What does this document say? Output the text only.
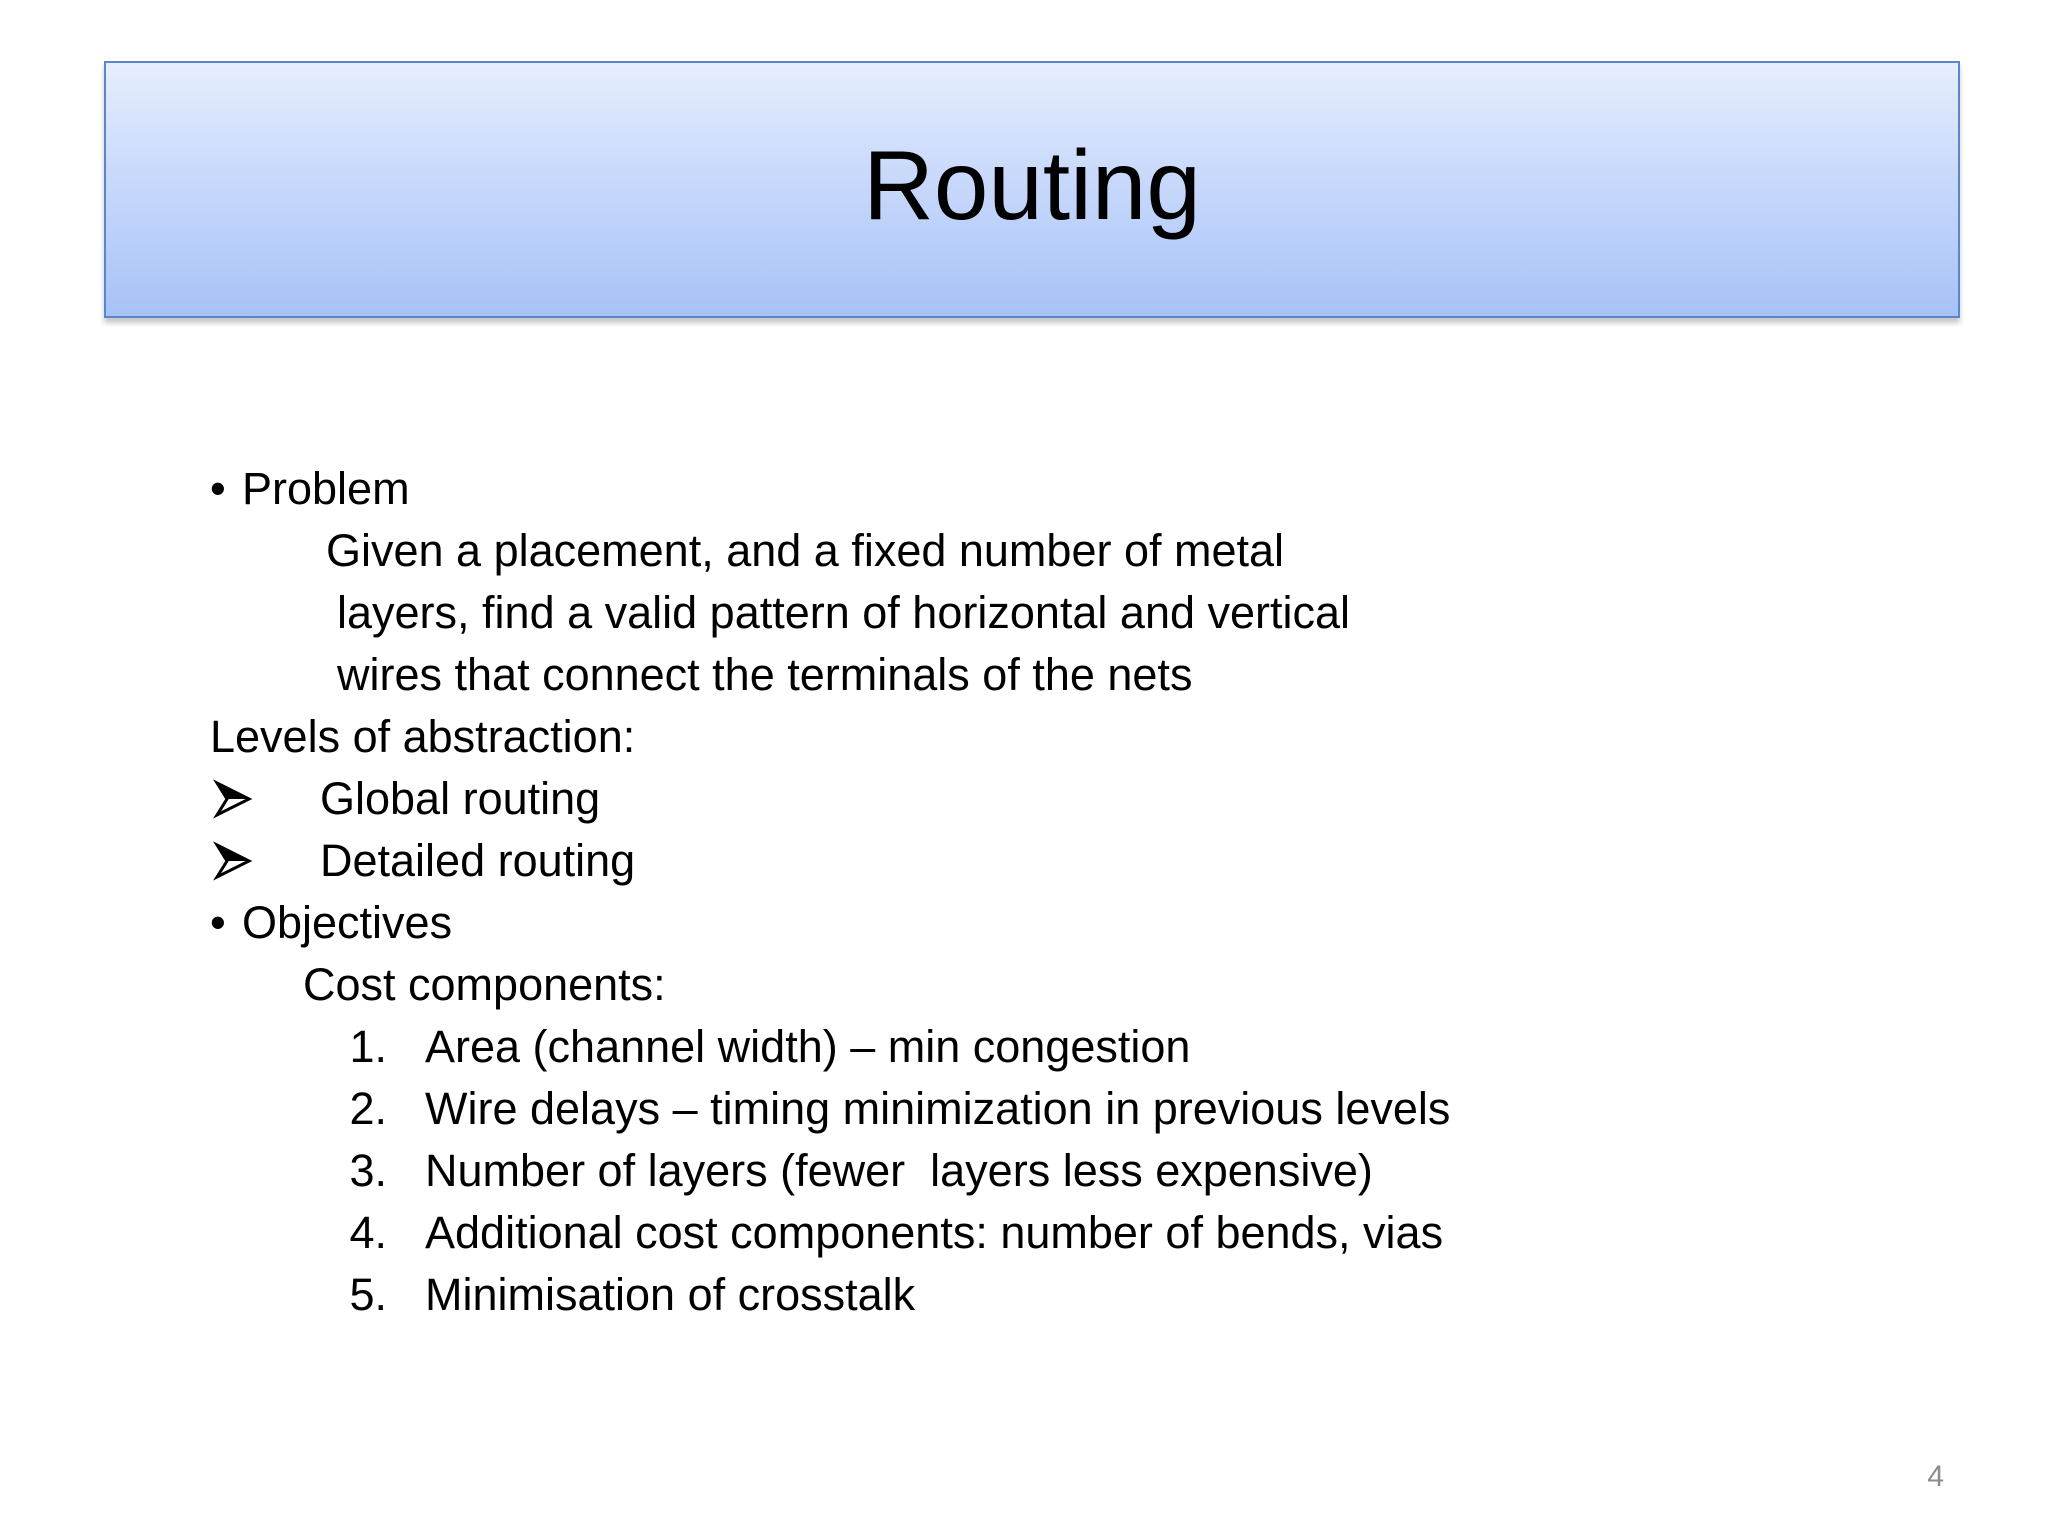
Routing
• Problem
Given a placement, and a fixed number of metal
layers, find a valid pattern of horizontal and vertical
wires that connect the terminals of the nets
Levels of abstraction:
Global routing
Detailed routing
• Objectives
Cost components:
1. Area (channel width) – min congestion
2. Wire delays – timing minimization in previous levels
3. Number of layers (fewer  layers less expensive)
4. Additional cost components: number of bends, vias
5. Minimisation of crosstalk
4
